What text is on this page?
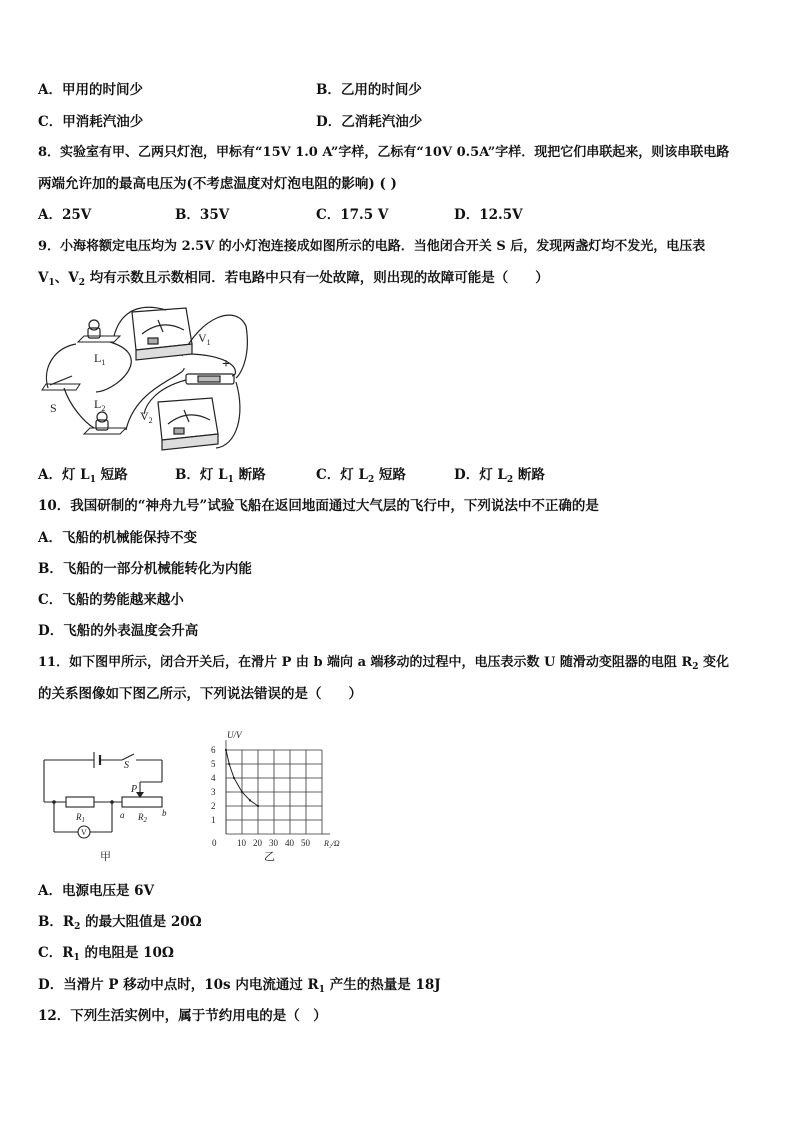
A．甲用的时间少	B．乙用的时间少
C．甲消耗汽油少	D．乙消耗汽油少
8．实验室有甲、乙两只灯泡，甲标有“15V 1.0 A”字样，乙标有“10V 0.5A”字样．现把它们串联起来，则该串联电路
两端允许加的最高电压为(不考虑温度对灯泡电阻的影响) ( )
A．25V	B．35V	C．17.5 V	D．12.5V
9．小海将额定电压均为 2.5V 的小灯泡连接成如图所示的电路．当他闭合开关 S 后，发现两盏灯均不发光，电压表
$V_1$、$V_2$ 均有示数且示数相同．若电路中只有一处故障，则出现的故障可能是（　　）
$L_1$
$L_2$
S
$V_1$
$V_2$
+
A．灯 $L_1$ 短路	B．灯 $L_1$ 断路	C．灯 $L_2$ 短路	D．灯 $L_2$ 断路
10．我国研制的“神舟九号”试验飞船在返回地面通过大气层的飞行中，下列说法中不正确的是
A．飞船的机械能保持不变
B．飞船的一部分机械能转化为内能
C．飞船的势能越来越小
D．飞船的外表温度会升高
11．如下图甲所示，闭合开关后，在滑片 P 由 b 端向 a 端移动的过程中，电压表示数 U 随滑动变阻器的电阻 $R_2$ 变化
的关系图像如下图乙所示，下列说法错误的是（　　）
S
P
$R_1$	$R_2$
a	b
V
甲
0 10 20 30 40 50
1
2
3
4
5
6
U/V
R₂/Ω
乙
A．电源电压是 6V
B．$R_2$ 的最大阻值是 20Ω
C．$R_1$ 的电阻是 10Ω
D．当滑片 P 移动中点时，10s 内电流通过 $R_1$ 产生的热量是 18J
12．下列生活实例中，属于节约用电的是（　）
